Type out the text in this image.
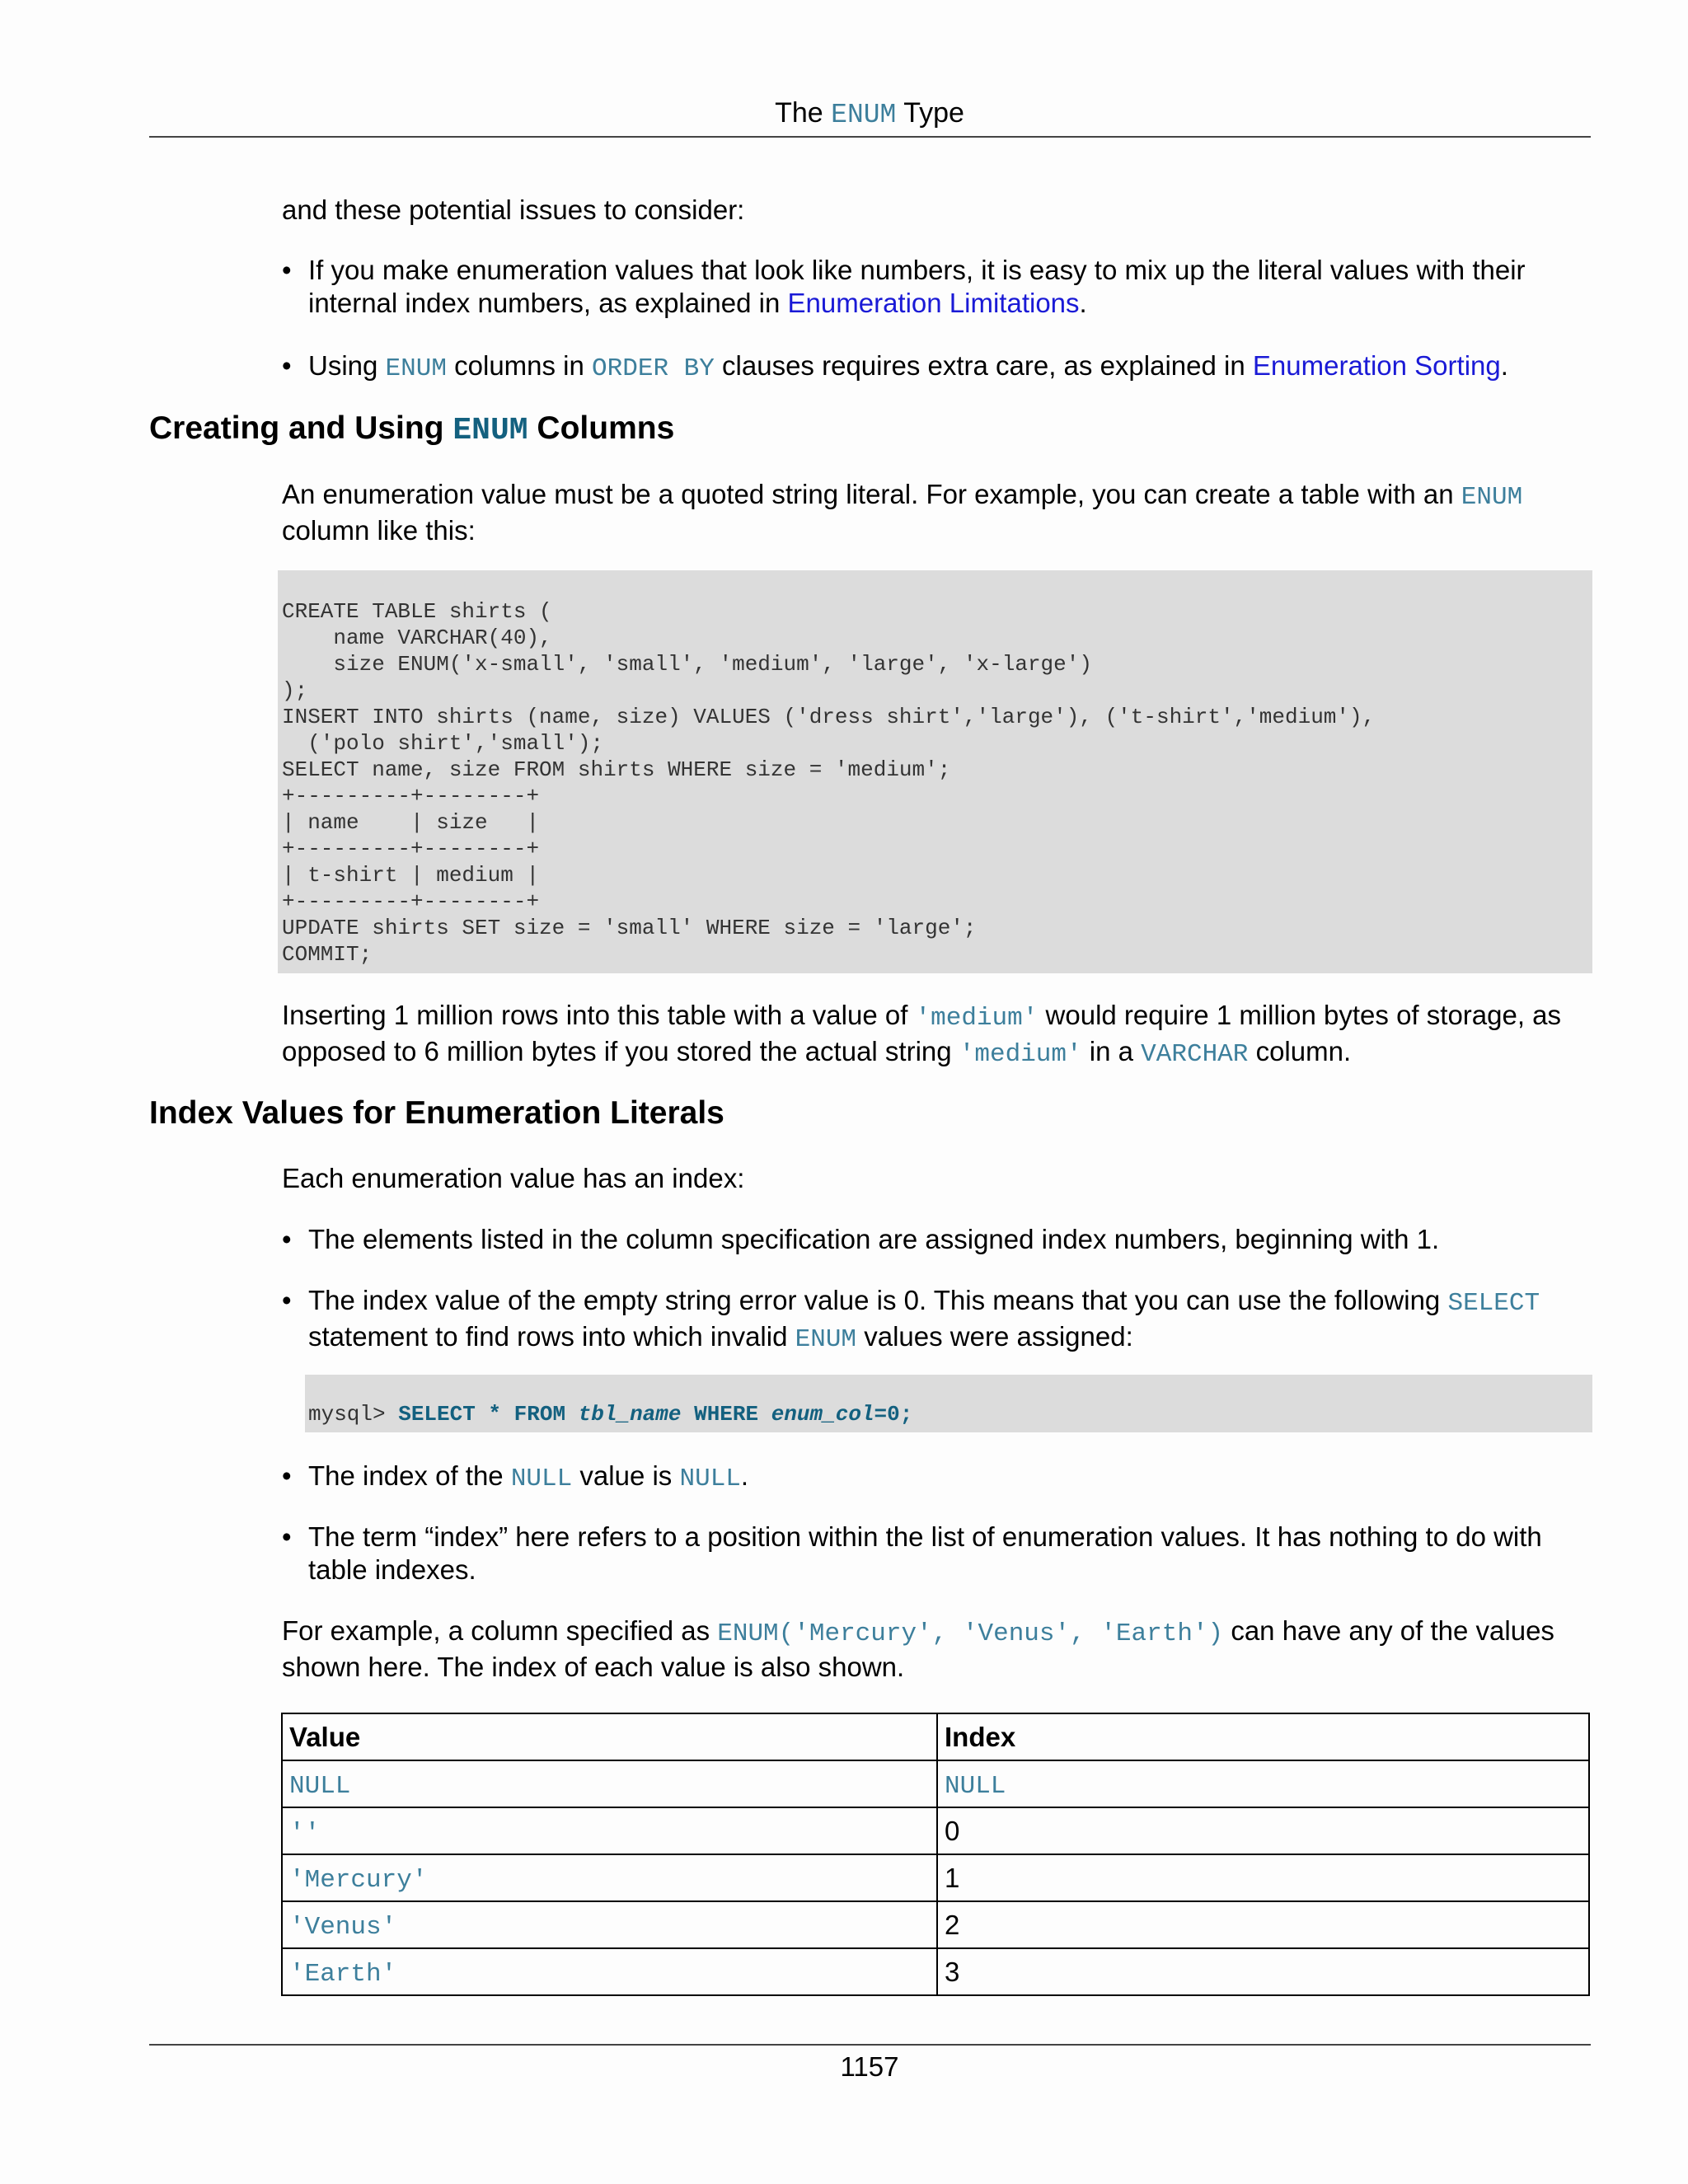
The ENUM Type
and these potential issues to consider:
• If you make enumeration values that look like numbers, it is easy to mix up the literal values with their internal index numbers, as explained in Enumeration Limitations.
• Using ENUM columns in ORDER BY clauses requires extra care, as explained in Enumeration Sorting.
Creating and Using ENUM Columns
An enumeration value must be a quoted string literal. For example, you can create a table with an ENUM column like this:
CREATE TABLE shirts (
name VARCHAR(40),
size ENUM('x-small', 'small', 'medium', 'large', 'x-large')
);
INSERT INTO shirts (name, size) VALUES ('dress shirt','large'), ('t-shirt','medium'),
('polo shirt','small');
SELECT name, size FROM shirts WHERE size = 'medium';
+---------+--------+
| name    | size   |
+---------+--------+
| t-shirt | medium |
+---------+--------+
UPDATE shirts SET size = 'small' WHERE size = 'large';
COMMIT;
Inserting 1 million rows into this table with a value of 'medium' would require 1 million bytes of storage, as opposed to 6 million bytes if you stored the actual string 'medium' in a VARCHAR column.
Index Values for Enumeration Literals
Each enumeration value has an index:
• The elements listed in the column specification are assigned index numbers, beginning with 1.
• The index value of the empty string error value is 0. This means that you can use the following SELECT statement to find rows into which invalid ENUM values were assigned:
mysql> SELECT * FROM tbl_name WHERE enum_col=0;
• The index of the NULL value is NULL.
• The term “index” here refers to a position within the list of enumeration values. It has nothing to do with table indexes.
For example, a column specified as ENUM('Mercury', 'Venus', 'Earth') can have any of the values shown here. The index of each value is also shown.
Value	Index
NULL	NULL
''	0
'Mercury'	1
'Venus'	2
'Earth'	3
1157
